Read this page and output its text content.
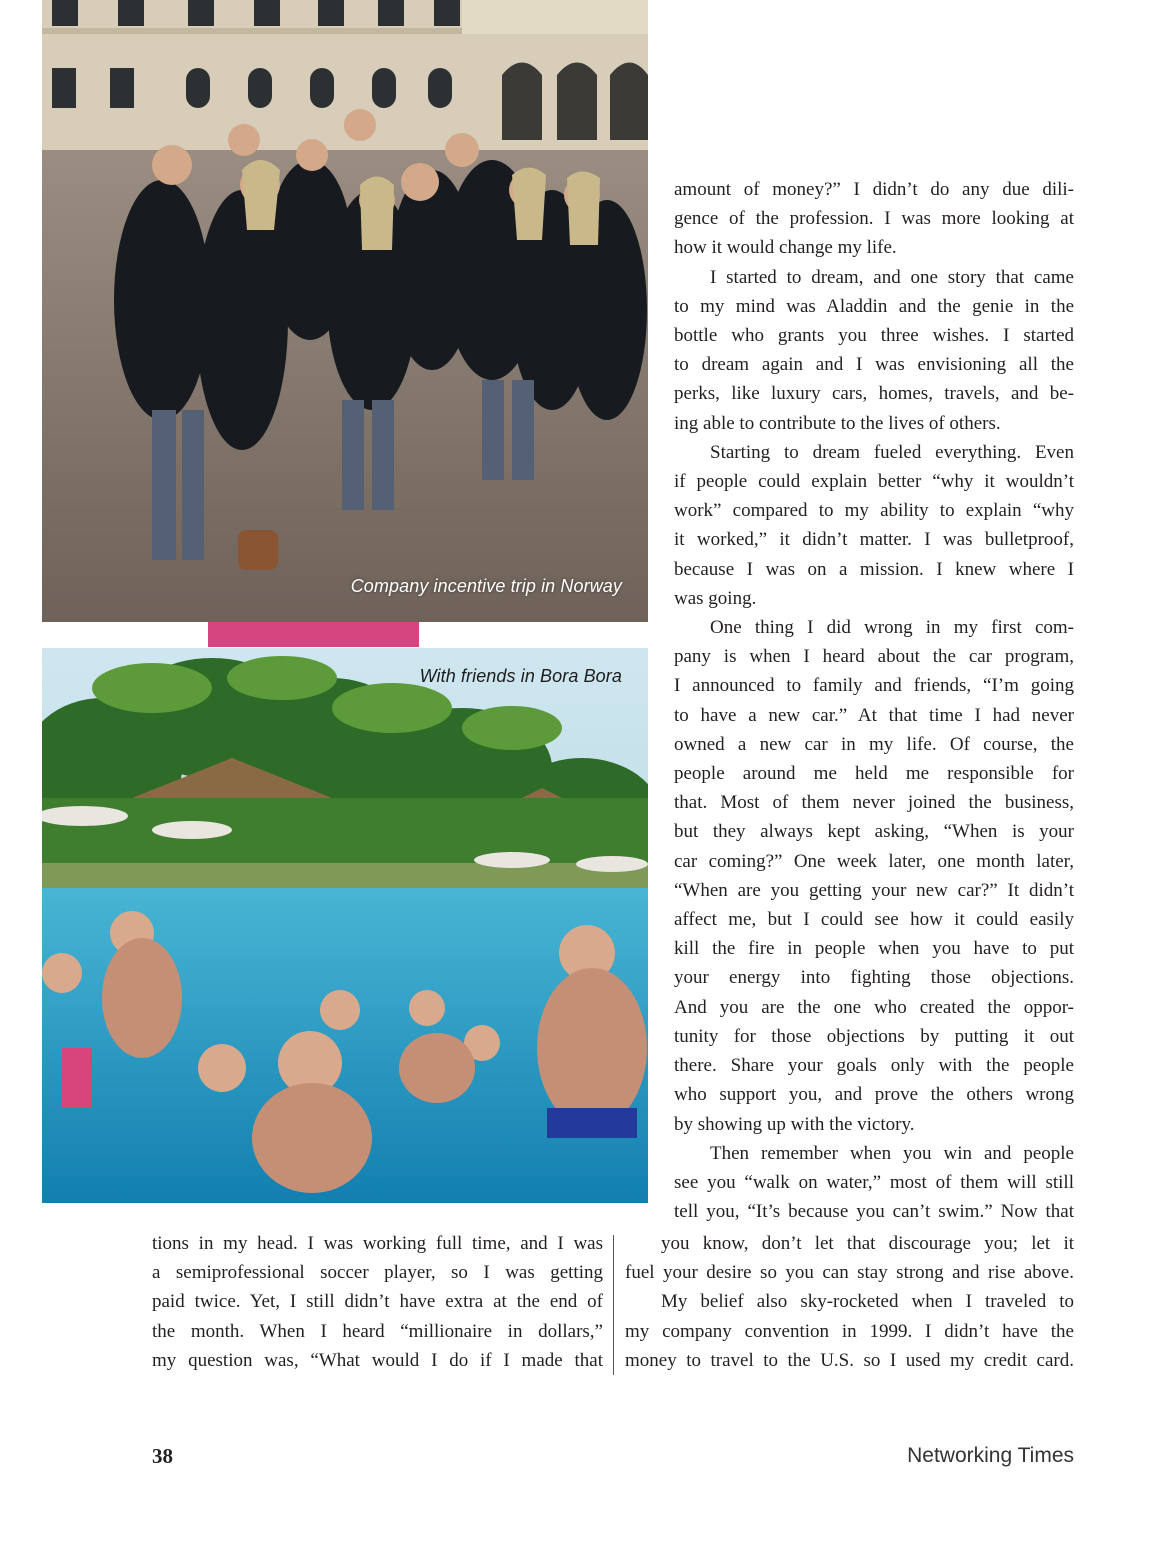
Company incentive trip in Norway
With friends in Bora Bora
amount of money?” I didn’t do any due dili-
gence of the profession. I was more looking at
how it would change my life.
I started to dream, and one story that came
to my mind was Aladdin and the genie in the
bottle who grants you three wishes. I started
to dream again and I was envisioning all the
perks, like luxury cars, homes, travels, and be-
ing able to contribute to the lives of others.
Starting to dream fueled everything. Even
if people could explain better “why it wouldn’t
work” compared to my ability to explain “why
it worked,” it didn’t matter. I was bulletproof,
because I was on a mission. I knew where I
was going.
One thing I did wrong in my first com-
pany is when I heard about the car program,
I announced to family and friends, “I’m going
to have a new car.” At that time I had never
owned a new car in my life. Of course, the
people around me held me responsible for
that. Most of them never joined the business,
but they always kept asking, “When is your
car coming?” One week later, one month later,
“When are you getting your new car?” It didn’t
affect me, but I could see how it could easily
kill the fire in people when you have to put
your energy into fighting those objections.
And you are the one who created the oppor-
tunity for those objections by putting it out
there. Share your goals only with the people
who support you, and prove the others wrong
by showing up with the victory.
Then remember when you win and people
see you “walk on water,” most of them will still
tell you, “It’s because you can’t swim.” Now that
tions in my head. I was working full time, and I was
a semiprofessional soccer player, so I was getting
paid twice. Yet, I still didn’t have extra at the end of
the month. When I heard “millionaire in dollars,”
my question was, “What would I do if I made that
you know, don’t let that discourage you; let it
fuel your desire so you can stay strong and rise above.
My belief also sky-rocketed when I traveled to
my company convention in 1999. I didn’t have the
money to travel to the U.S. so I used my credit card.
38	Networking Times
